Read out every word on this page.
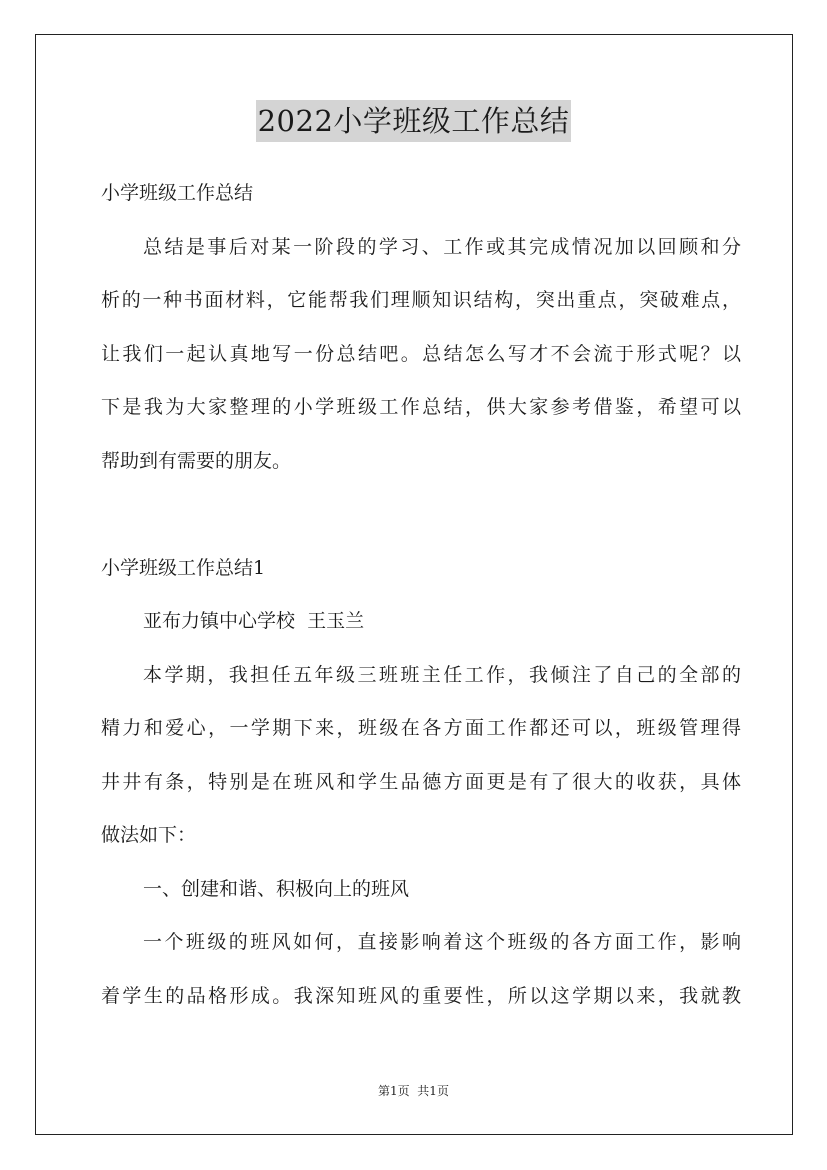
2022小学班级工作总结
小学班级工作总结
总结是事后对某一阶段的学习、工作或其完成情况加以回顾和分
析的一种书面材料，它能帮我们理顺知识结构，突出重点，突破难点，
让我们一起认真地写一份总结吧。总结怎么写才不会流于形式呢？以
下是我为大家整理的小学班级工作总结，供大家参考借鉴，希望可以
帮助到有需要的朋友。
小学班级工作总结1
亚布力镇中心学校  王玉兰
本学期，我担任五年级三班班主任工作，我倾注了自己的全部的
精力和爱心，一学期下来，班级在各方面工作都还可以，班级管理得
井井有条，特别是在班风和学生品德方面更是有了很大的收获，具体
做法如下：
一、创建和谐、积极向上的班风
一个班级的班风如何，直接影响着这个班级的各方面工作，影响
着学生的品格形成。我深知班风的重要性，所以这学期以来，我就教
第1页  共1页
